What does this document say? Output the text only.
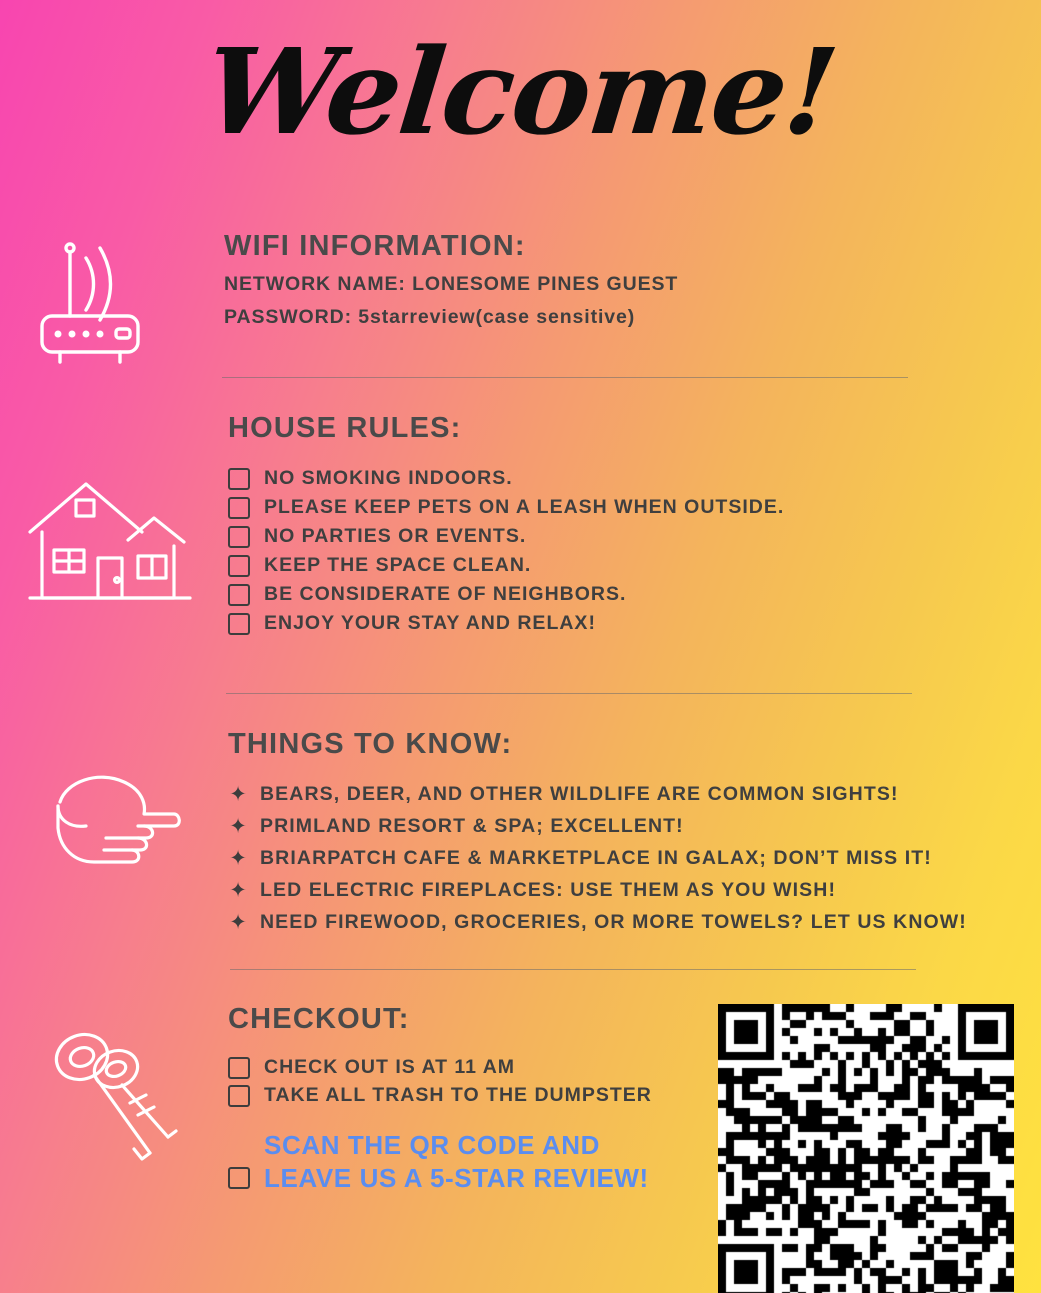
Welcome!
WIFI INFORMATION:
NETWORK NAME: LONESOME PINES GUEST
PASSWORD: 5starreview(case sensitive)
HOUSE RULES:
NO SMOKING INDOORS.
PLEASE KEEP PETS ON A LEASH WHEN OUTSIDE.
NO PARTIES OR EVENTS.
KEEP THE SPACE CLEAN.
BE CONSIDERATE OF NEIGHBORS.
ENJOY YOUR STAY AND RELAX!
THINGS TO KNOW:
✦ BEARS, DEER, AND OTHER WILDLIFE ARE COMMON SIGHTS!
✦ PRIMLAND RESORT & SPA; EXCELLENT!
✦ BRIARPATCH CAFE & MARKETPLACE IN GALAX; DON’T MISS IT!
✦ LED ELECTRIC FIREPLACES: USE THEM AS YOU WISH!
✦ NEED FIREWOOD, GROCERIES, OR MORE TOWELS? LET US KNOW!
CHECKOUT:
CHECK OUT IS AT 11 AM
TAKE ALL TRASH TO THE DUMPSTER
SCAN THE QR CODE AND LEAVE US A 5-STAR REVIEW!
